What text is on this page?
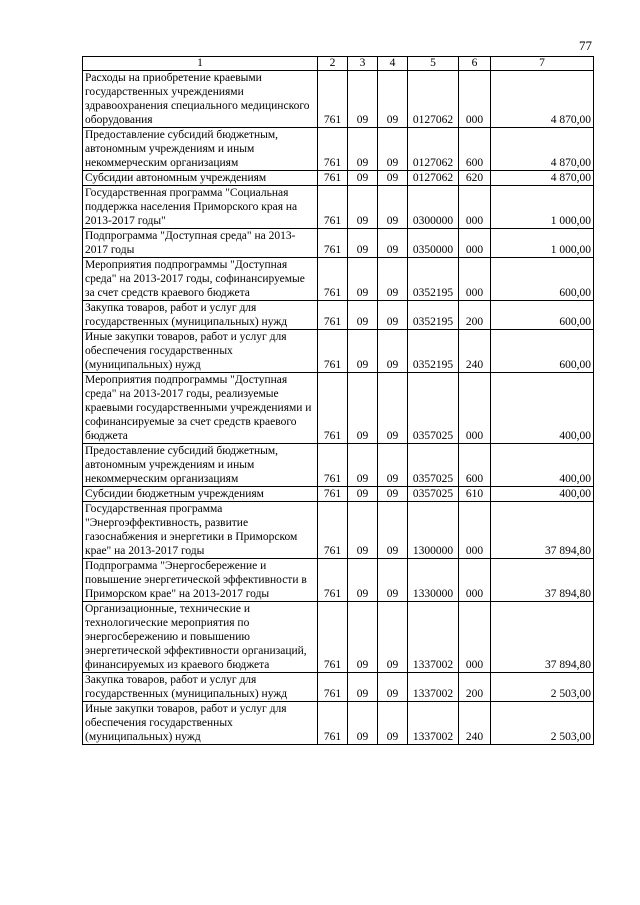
77
1	2	3	4	5	6	7
Расходы на приобретение краевыми государственных учреждениями здравоохранения специального медицинского оборудования	761	09	09	0127062	000	4 870,00
Предоставление субсидий бюджетным, автономным учреждениям и иным некоммерческим организациям	761	09	09	0127062	600	4 870,00
Субсидии автономным учреждениям	761	09	09	0127062	620	4 870,00
Государственная программа "Социальная поддержка населения Приморского края на 2013-2017 годы"	761	09	09	0300000	000	1 000,00
Подпрограмма "Доступная среда" на 2013-2017 годы	761	09	09	0350000	000	1 000,00
Мероприятия подпрограммы "Доступная среда" на 2013-2017 годы, софинансируемые за счет средств краевого бюджета	761	09	09	0352195	000	600,00
Закупка товаров, работ и услуг для государственных (муниципальных) нужд	761	09	09	0352195	200	600,00
Иные закупки товаров, работ и услуг для обеспечения государственных (муниципальных) нужд	761	09	09	0352195	240	600,00
Мероприятия подпрограммы "Доступная среда" на 2013-2017 годы, реализуемые краевыми государственными учреждениями и софинансируемые за счет средств краевого бюджета	761	09	09	0357025	000	400,00
Предоставление субсидий бюджетным, автономным учреждениям и иным некоммерческим организациям	761	09	09	0357025	600	400,00
Субсидии бюджетным учреждениям	761	09	09	0357025	610	400,00
Государственная программа "Энергоэффективность, развитие газоснабжения и энергетики в Приморском крае" на 2013-2017 годы	761	09	09	1300000	000	37 894,80
Подпрограмма "Энергосбережение и повышение энергетической эффективности в Приморском крае" на 2013-2017 годы	761	09	09	1330000	000	37 894,80
Организационные, технические и технологические мероприятия по энергосбережению и повышению энергетической эффективности организаций, финансируемых из краевого бюджета	761	09	09	1337002	000	37 894,80
Закупка товаров, работ и услуг для государственных (муниципальных) нужд	761	09	09	1337002	200	2 503,00
Иные закупки товаров, работ и услуг для обеспечения государственных (муниципальных) нужд	761	09	09	1337002	240	2 503,00
